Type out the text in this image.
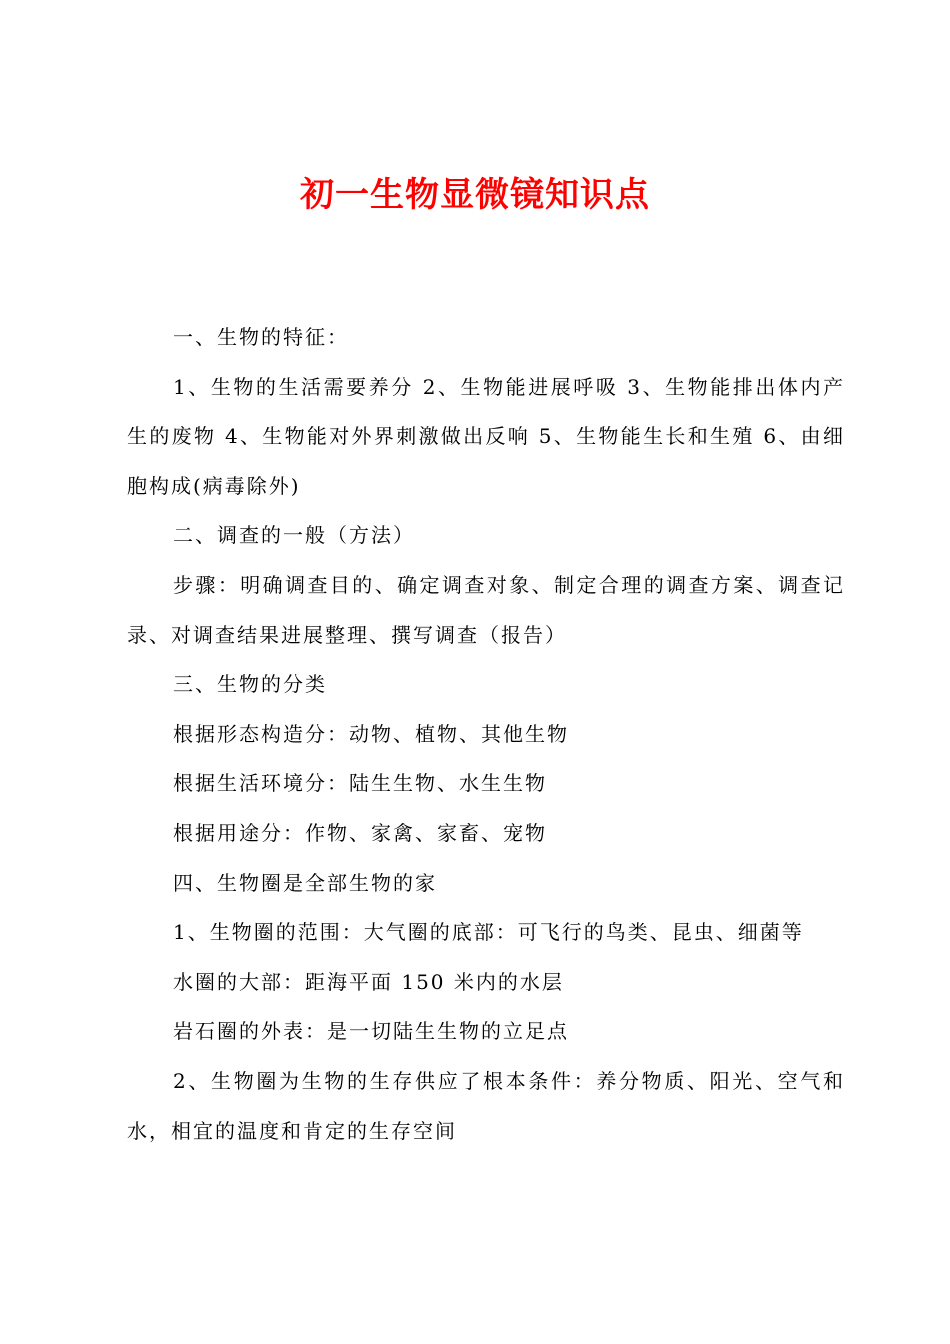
初一生物显微镜知识点

一、生物的特征：

1、生物的生活需要养分 2、生物能进展呼吸 3、生物能排出体内产生的废物 4、生物能对外界刺激做出反响 5、生物能生长和生殖 6、由细胞构成(病毒除外)

二、调查的一般（方法）

步骤：明确调查目的、确定调查对象、制定合理的调查方案、调查记录、对调查结果进展整理、撰写调查（报告）

三、生物的分类

根据形态构造分：动物、植物、其他生物

根据生活环境分：陆生生物、水生生物

根据用途分：作物、家禽、家畜、宠物

四、生物圈是全部生物的家

1、生物圈的范围：大气圈的底部：可飞行的鸟类、昆虫、细菌等

水圈的大部：距海平面 150 米内的水层

岩石圈的外表：是一切陆生生物的立足点

2、生物圈为生物的生存供应了根本条件：养分物质、阳光、空气和水，相宜的温度和肯定的生存空间
